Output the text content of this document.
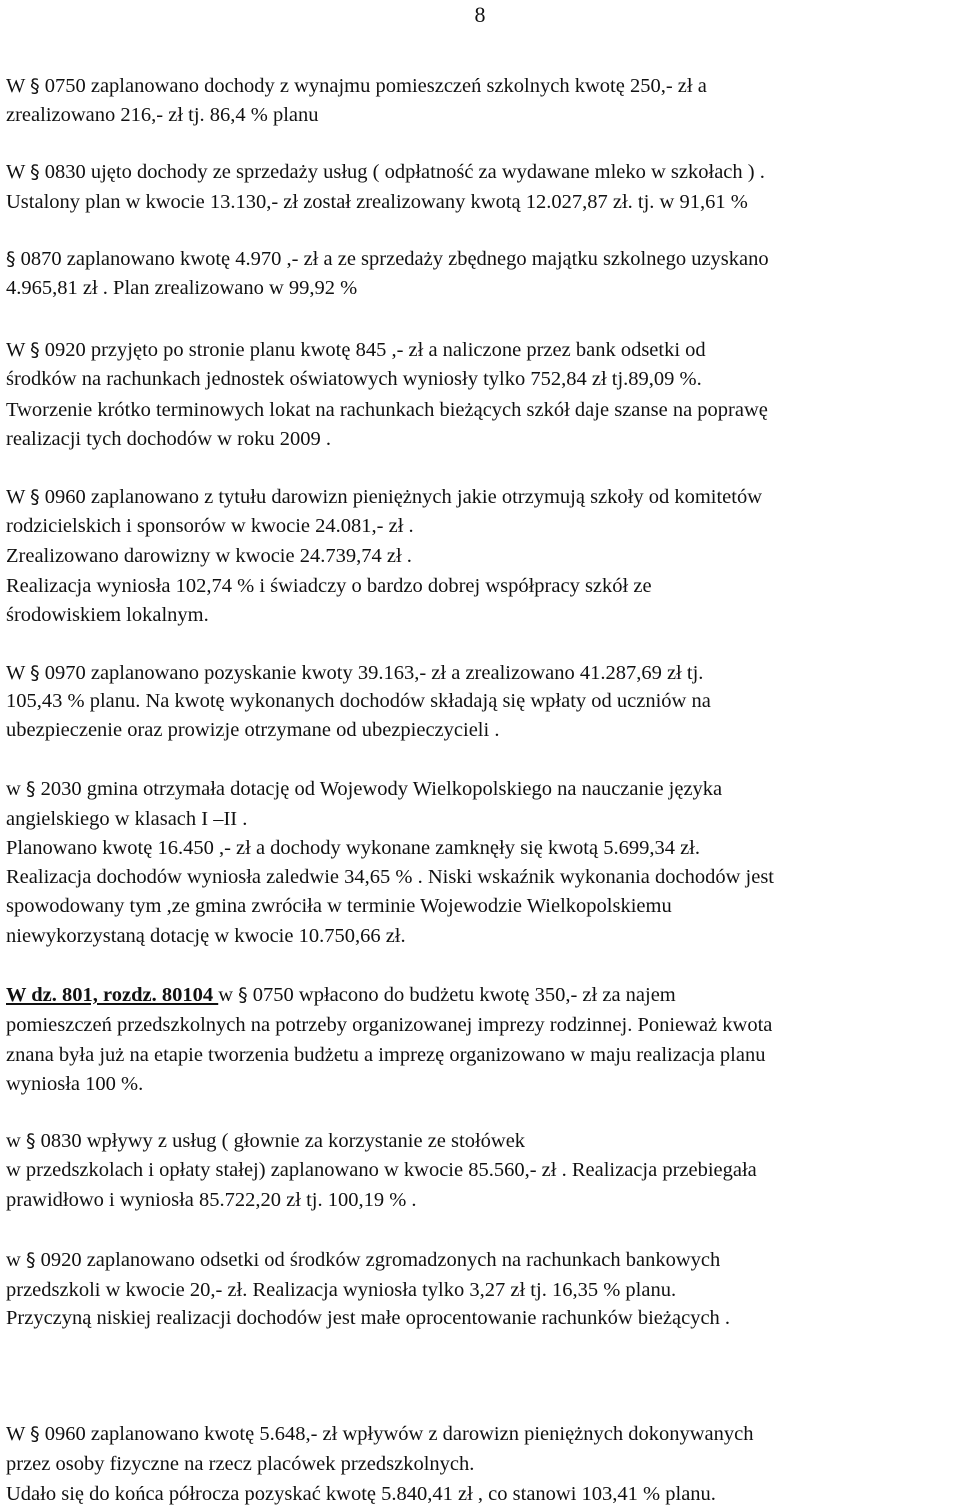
8
W § 0750 zaplanowano dochody z wynajmu pomieszczeń szkolnych kwotę 250,- zł a
zrealizowano 216,- zł tj. 86,4 % planu
W § 0830 ujęto dochody ze sprzedaży usług ( odpłatność za wydawane mleko w szkołach ) .
Ustalony plan w kwocie 13.130,- zł został zrealizowany kwotą 12.027,87 zł. tj. w 91,61 %
§ 0870 zaplanowano kwotę 4.970 ,- zł a ze sprzedaży zbędnego majątku szkolnego uzyskano
4.965,81 zł . Plan zrealizowano w 99,92 %
W § 0920 przyjęto po stronie planu kwotę 845 ,- zł a naliczone przez bank odsetki od
środków na rachunkach jednostek oświatowych wyniosły tylko 752,84 zł tj.89,09 %.
Tworzenie krótko terminowych lokat na rachunkach bieżących szkół daje szanse na poprawę
realizacji tych dochodów w roku 2009 .
W § 0960 zaplanowano z tytułu darowizn pieniężnych jakie otrzymują szkoły od komitetów
rodzicielskich i sponsorów w kwocie 24.081,- zł .
Zrealizowano darowizny w kwocie 24.739,74 zł .
Realizacja wyniosła 102,74 % i świadczy o bardzo dobrej współpracy szkół ze
środowiskiem lokalnym.
W § 0970 zaplanowano pozyskanie kwoty 39.163,- zł a zrealizowano 41.287,69 zł tj.
105,43 % planu. Na kwotę wykonanych dochodów składają się wpłaty od uczniów na
ubezpieczenie oraz prowizje otrzymane od ubezpieczycieli .
w § 2030 gmina otrzymała dotację od Wojewody Wielkopolskiego na nauczanie języka
angielskiego w klasach I –II .
Planowano kwotę 16.450 ,- zł a dochody wykonane zamknęły się kwotą 5.699,34 zł.
Realizacja dochodów wyniosła zaledwie 34,65 % . Niski wskaźnik wykonania dochodów jest
spowodowany tym ,ze gmina zwróciła w terminie Wojewodzie Wielkopolskiemu
niewykorzystaną dotację w kwocie 10.750,66 zł.
W dz. 801, rozdz. 80104 w § 0750 wpłacono do budżetu kwotę 350,- zł za najem
pomieszczeń przedszkolnych na potrzeby organizowanej imprezy rodzinnej. Ponieważ kwota
znana była już na etapie tworzenia budżetu a imprezę organizowano w maju realizacja planu
wyniosła 100 %.
w § 0830 wpływy z usług ( głownie za korzystanie ze stołówek
w przedszkolach i opłaty stałej) zaplanowano w kwocie 85.560,- zł . Realizacja przebiegała
prawidłowo i wyniosła 85.722,20 zł tj. 100,19 % .
w § 0920 zaplanowano odsetki od środków zgromadzonych na rachunkach bankowych
przedszkoli w kwocie 20,- zł. Realizacja wyniosła tylko 3,27 zł tj. 16,35 % planu.
Przyczyną niskiej realizacji dochodów jest małe oprocentowanie rachunków bieżących .
W § 0960 zaplanowano kwotę 5.648,- zł wpływów z darowizn pieniężnych dokonywanych
przez osoby fizyczne na rzecz placówek przedszkolnych.
Udało się do końca półrocza pozyskać kwotę 5.840,41 zł , co stanowi 103,41 % planu.
